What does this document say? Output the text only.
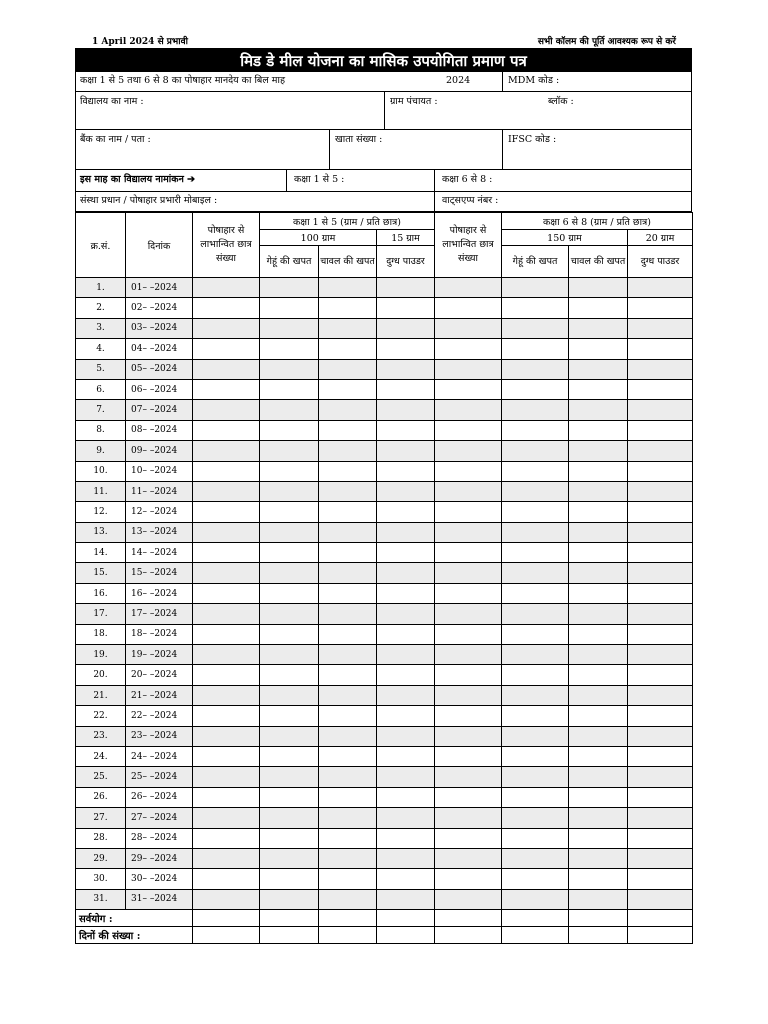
1 April 2024 से प्रभावी	सभी कॉलम की पूर्ति आवश्यक रूप से करें
मिड डे मील योजना का मासिक उपयोगिता प्रमाण पत्र
कक्षा 1 से 5 तथा 6 से 8 का पोषाहार मानदेय का बिल माह	2024	MDM कोड :
विद्यालय का नाम :	ग्राम पंचायत :	ब्लॉक :
बैंक का नाम / पता :	खाता संख्या :	IFSC कोड :
इस माह का विद्यालय नामांकन ➔	कक्षा 1 से 5 :	कक्षा 6 से 8 :
संस्था प्रधान / पोषाहार प्रभारी मोबाइल :	वाट्सएप्प नंबर :
क्र.सं.	दिनांक	पोषाहार से लाभान्वित छात्र संख्या	कक्षा 1 से 5 (ग्राम / प्रति छात्र)			पोषाहार से लाभान्वित छात्र संख्या	कक्षा 6 से 8 (ग्राम / प्रति छात्र)		
			100 ग्राम		15 ग्राम		150 ग्राम		20 ग्राम
			गेहूं की खपत	चावल की खपत	दुग्ध पाउडर		गेहूं की खपत	चावल की खपत	दुग्ध पाउडर
1.	01– –2024								
2.	02– –2024								
3.	03– –2024								
4.	04– –2024								
5.	05– –2024								
6.	06– –2024								
7.	07– –2024								
8.	08– –2024								
9.	09– –2024								
10.	10– –2024								
11.	11– –2024								
12.	12– –2024								
13.	13– –2024								
14.	14– –2024								
15.	15– –2024								
16.	16– –2024								
17.	17– –2024								
18.	18– –2024								
19.	19– –2024								
20.	20– –2024								
21.	21– –2024								
22.	22– –2024								
23.	23– –2024								
24.	24– –2024								
25.	25– –2024								
26.	26– –2024								
27.	27– –2024								
28.	28– –2024								
29.	29– –2024								
30.	30– –2024								
31.	31– –2024								
सर्वयोग :									
दिनों की संख्या :									
